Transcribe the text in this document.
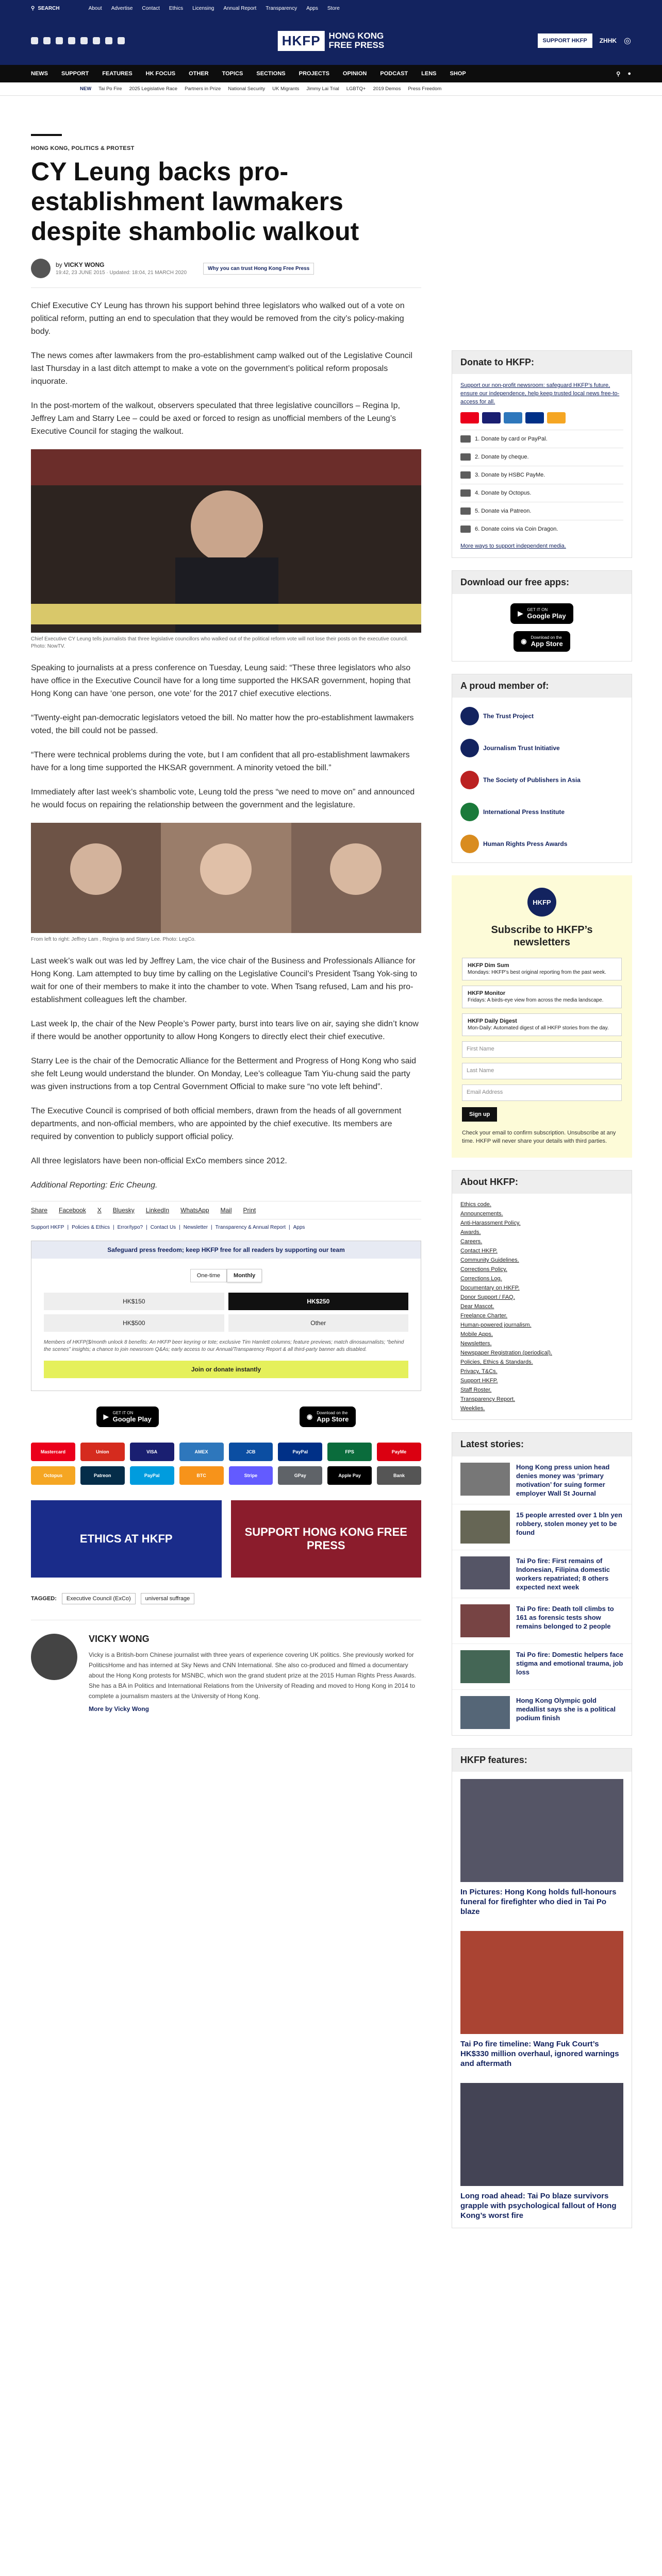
⚲ SEARCH	About Advertise Contact Ethics Licensing Annual Report Transparency Apps Store
HKFP HONG KONG
FREE PRESS	SUPPORT HKFP	ZHHK ◎
NEWS SUPPORT FEATURES HK FOCUS OTHER TOPICS SECTIONS PROJECTS OPINION PODCAST LENS SHOP	⚲ ●
NEW Tai Po Fire 2025 Legislative Race Partners in Prize National Security UK Migrants Jimmy Lai Trial LGBTQ+ 2019 Demos Press Freedom
HONG KONG, POLITICS & PROTEST
CY Leung backs pro-establishment lawmakers despite shambolic walkout
by VICKY WONG
19:42, 23 JUNE 2015 · Updated: 18:04, 21 MARCH 2020
Why you can trust Hong Kong Free Press

Chief Executive CY Leung has thrown his support behind three legislators who walked out of a vote on political reform, putting an end to speculation that they would be removed from the city’s policy-making body.

The news comes after lawmakers from the pro-establishment camp walked out of the Legislative Council last Thursday in a last ditch attempt to make a vote on the government’s political reform proposals inquorate.

In the post-mortem of the walkout, observers speculated that three legislative councillors – Regina Ip, Jeffrey Lam and Starry Lee – could be axed or forced to resign as unofficial members of the Leung’s Executive Council for staging the walkout.

Chief Executive CY Leung tells journalists that three legislative councillors who walked out of the political reform vote will not lose their posts on the executive council. Photo: NowTV.

Speaking to journalists at a press conference on Tuesday, Leung said: “These three legislators who also have office in the Executive Council have for a long time supported the HKSAR government, hoping that Hong Kong can have ‘one person, one vote’ for the 2017 chief executive elections.

“Twenty-eight pan-democratic legislators vetoed the bill. No matter how the pro-establishment lawmakers voted, the bill could not be passed.

“There were technical problems during the vote, but I am confident that all pro-establishment lawmakers have for a long time supported the HKSAR government. A minority vetoed the bill.”

Immediately after last week’s shambolic vote, Leung told the press “we need to move on” and announced he would focus on repairing the relationship between the government and the legislature.

From left to right: Jeffrey Lam , Regina Ip and Starry Lee. Photo: LegCo.

Last week’s walk out was led by Jeffrey Lam, the vice chair of the Business and Professionals Alliance for Hong Kong. Lam attempted to buy time by calling on the Legislative Council’s President Tsang Yok-sing to wait for one of their members to make it into the chamber to vote. When Tsang refused, Lam and his pro-establishment colleagues left the chamber.

Last week Ip, the chair of the New People’s Power party, burst into tears live on air, saying she didn’t know if there would be another opportunity to allow Hong Kongers to directly elect their chief executive.

Starry Lee is the chair of the Democratic Alliance for the Betterment and Progress of Hong Kong who said she felt Leung would understand the blunder. On Monday, Lee’s colleague Tam Yiu-chung said the party was given instructions from a top Central Government Official to make sure “no vote left behind”.

The Executive Council is comprised of both official members, drawn from the heads of all government departments, and non-official members, who are appointed by the chief executive. Its members are required by convention to publicly support official policy.

All three legislators have been non-official ExCo members since 2012.

Additional Reporting: Eric Cheung.

Share Facebook X Bluesky LinkedIn WhatsApp Mail Print
Support HKFP | Policies & Ethics | Error/typo? | Contact Us | Newsletter | Transparency & Annual Report | Apps
Safeguard press freedom; keep HKFP free for all readers by supporting our team
One-time	Monthly
HK$150	HK$250
HK$500	Other
Members of HKFP($/month unlock 8 benefits: An HKFP beer keyring or tote; exclusive Tim Hamlett columns; feature previews; match dinosaurnalists; “behind the scenes” insights; a chance to join newsroom Q&As; early access to our Annual/Transparency Report & all third-party banner ads disabled.
Join or donate instantly
▶ GET IT ON
Google Play	◉ Download on the
App Store
Mastercard	Union	VISA	AMEX	JCB	PayPal	FPS	PayMe
Octopus	Patreon	PayPal	BTC	Stripe	GPay	Apple Pay	Bank
ETHICS AT HKFP
SUPPORT HONG KONG FREE PRESS
TAGGED:	Executive Council (ExCo)	universal suffrage
VICKY WONG

Vicky is a British-born Chinese journalist with three years of experience covering UK politics. She previously worked for PoliticsHome and has interned at Sky News and CNN International. She also co-produced and filmed a documentary about the Hong Kong protests for MSNBC, which won the grand student prize at the 2015 Human Rights Press Awards. She has a BA in Politics and International Relations from the University of Reading and moved to Hong Kong in 2014 to complete a journalism masters at the University of Hong Kong.

More by Vicky Wong
Donate to HKFP:

Support our non-profit newsroom: safeguard HKFP’s future, ensure our independence, help keep trusted local news free-to-access for all.

1. Donate by card or PayPal.
2. Donate by cheque.
3. Donate by HSBC PayMe.
4. Donate by Octopus.
5. Donate via Patreon.
6. Donate coins via Coin Dragon.

More ways to support independent media.

Download our free apps:
▶ GET IT ON
Google Play
◉ Download on the
App Store
A proud member of:
The Trust Project
Journalism Trust Initiative
The Society of Publishers in Asia
International Press Institute
Human Rights Press Awards
HKFP
Subscribe to HKFP’s newsletters
HKFP Dim Sum
Mondays: HKFP’s best original reporting from the past week.
HKFP Monitor
Fridays: A birds-eye view from across the media landscape.
HKFP Daily Digest
Mon-Daily: Automated digest of all HKFP stories from the day.
First Name
Last Name
Email Address
Sign up
Check your email to confirm subscription. Unsubscribe at any time. HKFP will never share your details with third parties.
About HKFP:
Ethics code.
Announcements.
Anti-Harassment Policy.
Awards.
Careers.
Contact HKFP.
Community Guidelines.
Corrections Policy.
Corrections Log.
Documentary on HKFP.
Donor Support / FAQ.
Dear Mascot.
Freelance Charter.
Human-powered journalism.
Mobile Apps.
Newsletters.
Newspaper Registration (periodical).
Policies, Ethics & Standards.
Privacy, T&Cs.
Support HKFP.
Staff Roster.
Transparency Report.
Weeklies.
Latest stories:
Hong Kong press union head denies money was ‘primary motivation’ for suing former employer Wall St Journal
15 people arrested over 1 bln yen robbery, stolen money yet to be found
Tai Po fire: First remains of Indonesian, Filipina domestic workers repatriated; 8 others expected next week
Tai Po fire: Death toll climbs to 161 as forensic tests show remains belonged to 2 people
Tai Po fire: Domestic helpers face stigma and emotional trauma, job loss
Hong Kong Olympic gold medallist says she is a political podium finish
HKFP features:
In Pictures: Hong Kong holds full-honours funeral for firefighter who died in Tai Po blaze
Tai Po fire timeline: Wang Fuk Court’s HK$330 million overhaul, ignored warnings and aftermath
Long road ahead: Tai Po blaze survivors grapple with psychological fallout of Hong Kong’s worst fire
